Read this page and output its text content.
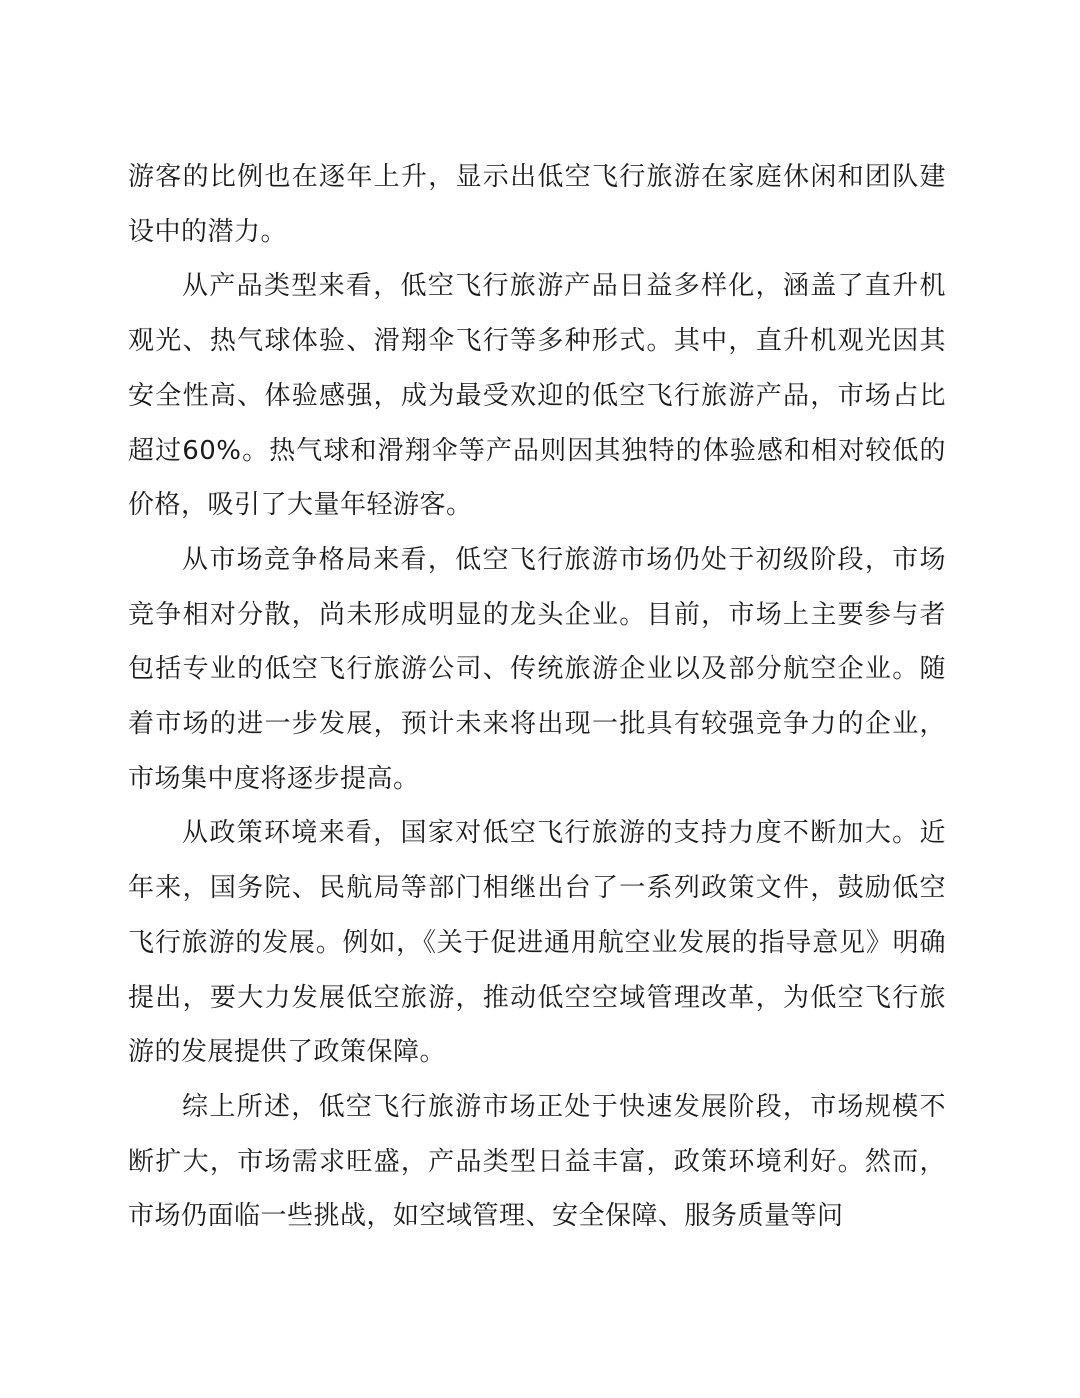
游客的比例也在逐年上升，显示出低空飞行旅游在家庭休闲和团队建设中的潜力。

从产品类型来看，低空飞行旅游产品日益多样化，涵盖了直升机观光、热气球体验、滑翔伞飞行等多种形式。其中，直升机观光因其安全性高、体验感强，成为最受欢迎的低空飞行旅游产品，市场占比超过60%。热气球和滑翔伞等产品则因其独特的体验感和相对较低的价格，吸引了大量年轻游客。

从市场竞争格局来看，低空飞行旅游市场仍处于初级阶段，市场竞争相对分散，尚未形成明显的龙头企业。目前，市场上主要参与者包括专业的低空飞行旅游公司、传统旅游企业以及部分航空企业。随着市场的进一步发展，预计未来将出现一批具有较强竞争力的企业，市场集中度将逐步提高。

从政策环境来看，国家对低空飞行旅游的支持力度不断加大。近年来，国务院、民航局等部门相继出台了一系列政策文件，鼓励低空飞行旅游的发展。例如，《关于促进通用航空业发展的指导意见》明确提出，要大力发展低空旅游，推动低空空域管理改革，为低空飞行旅游的发展提供了政策保障。

综上所述，低空飞行旅游市场正处于快速发展阶段，市场规模不断扩大，市场需求旺盛，产品类型日益丰富，政策环境利好。然而，市场仍面临一些挑战，如空域管理、安全保障、服务质量等问
